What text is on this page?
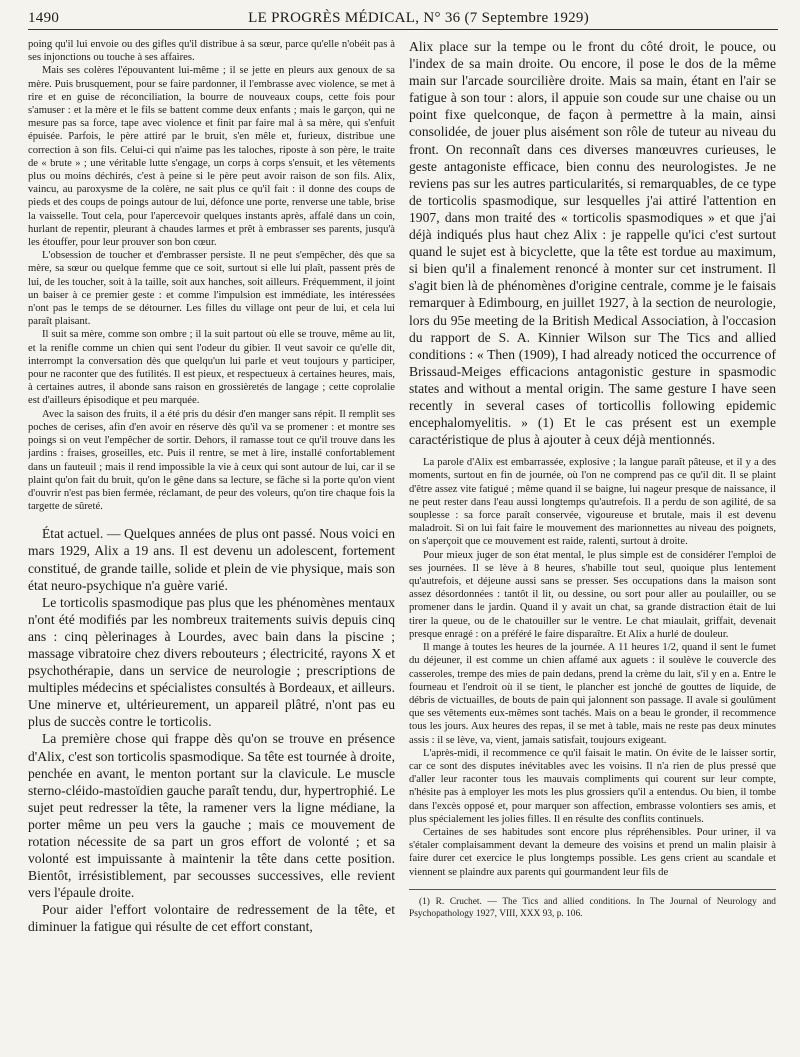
1490	LE PROGRÈS MÉDICAL, N° 36 (7 Septembre 1929)

poing qu'il lui envoie ou des gifles qu'il distribue à sa sœur, parce qu'elle n'obéit pas à ses injonctions ou touche à ses affaires.

Mais ses colères l'épouvantent lui-même ; il se jette en pleurs aux genoux de sa mère. Puis brusquement, pour se faire pardonner, il l'embrasse avec violence, se met à rire et en guise de réconciliation, la bourre de nouveaux coups, cette fois pour s'amuser : et la mère et le fils se battent comme deux enfants ; mais le garçon, qui ne mesure pas sa force, tape avec violence et finit par faire mal à sa mère, qui s'enfuit épuisée. Parfois, le père attiré par le bruit, s'en mêle et, furieux, distribue une correction à son fils. Celui-ci qui n'aime pas les taloches, riposte à son père, le traite de « brute » ; une véritable lutte s'engage, un corps à corps s'ensuit, et les vêtements plus ou moins déchirés, c'est à peine si le père peut avoir raison de son fils. Alix, vaincu, au paroxysme de la colère, ne sait plus ce qu'il fait : il donne des coups de pieds et des coups de poings autour de lui, défonce une porte, renverse une table, brise la vaisselle. Tout cela, pour l'apercevoir quelques instants après, affalé dans un coin, hurlant de repentir, pleurant à chaudes larmes et prêt à embrasser ses parents, jusqu'à les étouffer, pour leur prouver son bon cœur.

L'obsession de toucher et d'embrasser persiste. Il ne peut s'empêcher, dès que sa mère, sa sœur ou quelque femme que ce soit, surtout si elle lui plaît, passent près de lui, de les toucher, soit à la taille, soit aux hanches, soit ailleurs. Fréquemment, il joint un baiser à ce premier geste : et comme l'impulsion est immédiate, les intéressées n'ont pas le temps de se détourner. Les filles du village ont peur de lui, et cela lui paraît plaisant.

Il suit sa mère, comme son ombre ; il la suit partout où elle se trouve, même au lit, et la renifle comme un chien qui sent l'odeur du gibier. Il veut savoir ce qu'elle dit, interrompt la conversation dès que quelqu'un lui parle et veut toujours y participer, pour ne raconter que des futilités. Il est pieux, et respectueux à certaines heures, mais, à certaines autres, il abonde sans raison en grossièretés de langage ; cette coprolalie est d'ailleurs épisodique et peu marquée.

Avec la saison des fruits, il a été pris du désir d'en manger sans répit. Il remplit ses poches de cerises, afin d'en avoir en réserve dès qu'il va se promener : et montre ses poings si on veut l'empêcher de sortir. Dehors, il ramasse tout ce qu'il trouve dans les jardins : fraises, groseilles, etc. Puis il rentre, se met à lire, installé confortablement dans un fauteuil ; mais il rend impossible la vie à ceux qui sont autour de lui, car il se plaint qu'on fait du bruit, qu'on le gêne dans sa lecture, se fâche si la porte qu'on vient d'ouvrir n'est pas bien fermée, réclamant, de peur des voleurs, qu'on tire chaque fois la targette de sûreté.

État actuel. — Quelques années de plus ont passé. Nous voici en mars 1929, Alix a 19 ans. Il est devenu un adolescent, fortement constitué, de grande taille, solide et plein de vie physique, mais son état neuro-psychique n'a guère varié.

Le torticolis spasmodique pas plus que les phénomènes mentaux n'ont été modifiés par les nombreux traitements suivis depuis cinq ans : cinq pèlerinages à Lourdes, avec bain dans la piscine ; massage vibratoire chez divers rebouteurs ; électricité, rayons X et psychothérapie, dans un service de neurologie ; prescriptions de multiples médecins et spécialistes consultés à Bordeaux, et ailleurs. Une minerve et, ultérieurement, un appareil plâtré, n'ont pas eu plus de succès contre le torticolis.

La première chose qui frappe dès qu'on se trouve en présence d'Alix, c'est son torticolis spasmodique. Sa tête est tournée à droite, penchée en avant, le menton portant sur la clavicule. Le muscle sterno-cléido-mastoïdien gauche paraît tendu, dur, hypertrophié. Le sujet peut redresser la tête, la ramener vers la ligne médiane, la porter même un peu vers la gauche ; mais ce mouvement de rotation nécessite de sa part un gros effort de volonté ; et sa volonté est impuissante à maintenir la tête dans cette position. Bientôt, irrésistiblement, par secousses successives, elle revient vers l'épaule droite.

Pour aider l'effort volontaire de redressement de la tête, et diminuer la fatigue qui résulte de cet effort constant,

Alix place sur la tempe ou le front du côté droit, le pouce, ou l'index de sa main droite. Ou encore, il pose le dos de la même main sur l'arcade sourcilière droite. Mais sa main, étant en l'air se fatigue à son tour : alors, il appuie son coude sur une chaise ou un point fixe quelconque, de façon à permettre à la main, ainsi consolidée, de jouer plus aisément son rôle de tuteur au niveau du front. On reconnaît dans ces diverses manœuvres curieuses, le geste antagoniste efficace, bien connu des neurologistes. Je ne reviens pas sur les autres particularités, si remarquables, de ce type de torticolis spasmodique, sur lesquelles j'ai attiré l'attention en 1907, dans mon traité des « torticolis spasmodiques » et que j'ai déjà indiqués plus haut chez Alix : je rappelle qu'ici c'est surtout quand le sujet est à bicyclette, que la tête est tordue au maximum, si bien qu'il a finalement renoncé à monter sur cet instrument. Il s'agit bien là de phénomènes d'origine centrale, comme je le faisais remarquer à Edimbourg, en juillet 1927, à la section de neurologie, lors du 95e meeting de la British Medical Association, à l'occasion du rapport de S. A. Kinnier Wilson sur The Tics and allied conditions : « Then (1909), I had already noticed the occurrence of Brissaud-Meiges efficacions antagonistic gesture in spasmodic states and without a mental origin. The same gesture I have seen recently in several cases of torticollis following epidemic encephalomyelitis. » (1) Et le cas présent est un exemple caractéristique de plus à ajouter à ceux déjà mentionnés.

La parole d'Alix est embarrassée, explosive ; la langue paraît pâteuse, et il y a des moments, surtout en fin de journée, où l'on ne comprend pas ce qu'il dit. Il se plaint d'être assez vite fatigué ; même quand il se baigne, lui nageur presque de naissance, il ne peut rester dans l'eau aussi longtemps qu'autrefois. Il a perdu de son agilité, de sa souplesse : sa force paraît conservée, vigoureuse et brutale, mais il est devenu maladroit. Si on lui fait faire le mouvement des marionnettes au niveau des poignets, on s'aperçoit que ce mouvement est raide, ralenti, surtout à droite.

Pour mieux juger de son état mental, le plus simple est de considérer l'emploi de ses journées. Il se lève à 8 heures, s'habille tout seul, quoique plus lentement qu'autrefois, et déjeune aussi sans se presser. Ses occupations dans la maison sont assez désordonnées : tantôt il lit, ou dessine, ou sort pour aller au poulailler, ou se promener dans le jardin. Quand il y avait un chat, sa grande distraction était de lui tirer la queue, ou de le chatouiller sur le ventre. Le chat miaulait, griffait, devenait presque enragé : on a préféré le faire disparaître. Et Alix a hurlé de douleur.

Il mange à toutes les heures de la journée. A 11 heures 1/2, quand il sent le fumet du déjeuner, il est comme un chien affamé aux aguets : il soulève le couvercle des casseroles, trempe des mies de pain dedans, prend la crème du lait, s'il y en a. Entre le fourneau et l'endroit où il se tient, le plancher est jonché de gouttes de liquide, de débris de victuailles, de bouts de pain qui jalonnent son passage. Il avale si goulûment que ses vêtements eux-mêmes sont tachés. Mais on a beau le gronder, il recommence tous les jours. Aux heures des repas, il se met à table, mais ne reste pas deux minutes assis : il se lève, va, vient, jamais satisfait, toujours exigeant.

L'après-midi, il recommence ce qu'il faisait le matin. On évite de le laisser sortir, car ce sont des disputes inévitables avec les voisins. Il n'a rien de plus pressé que d'aller leur raconter tous les mauvais compliments qui courent sur leur compte, n'hésite pas à employer les mots les plus grossiers qu'il a entendus. Ou bien, il tombe dans l'excès opposé et, pour marquer son affection, embrasse volontiers ses amis, et plus spécialement les jolies filles. Il en résulte des conflits continuels.

Certaines de ses habitudes sont encore plus répréhensibles. Pour uriner, il va s'étaler complaisamment devant la demeure des voisins et prend un malin plaisir à faire durer cet exercice le plus longtemps possible. Les gens crient au scandale et viennent se plaindre aux parents qui gourmandent leur fils de

(1) R. Cruchet. — The Tics and allied conditions. In The Journal of Neurology and Psychopathology 1927, VIII, XXX 93, p. 106.
